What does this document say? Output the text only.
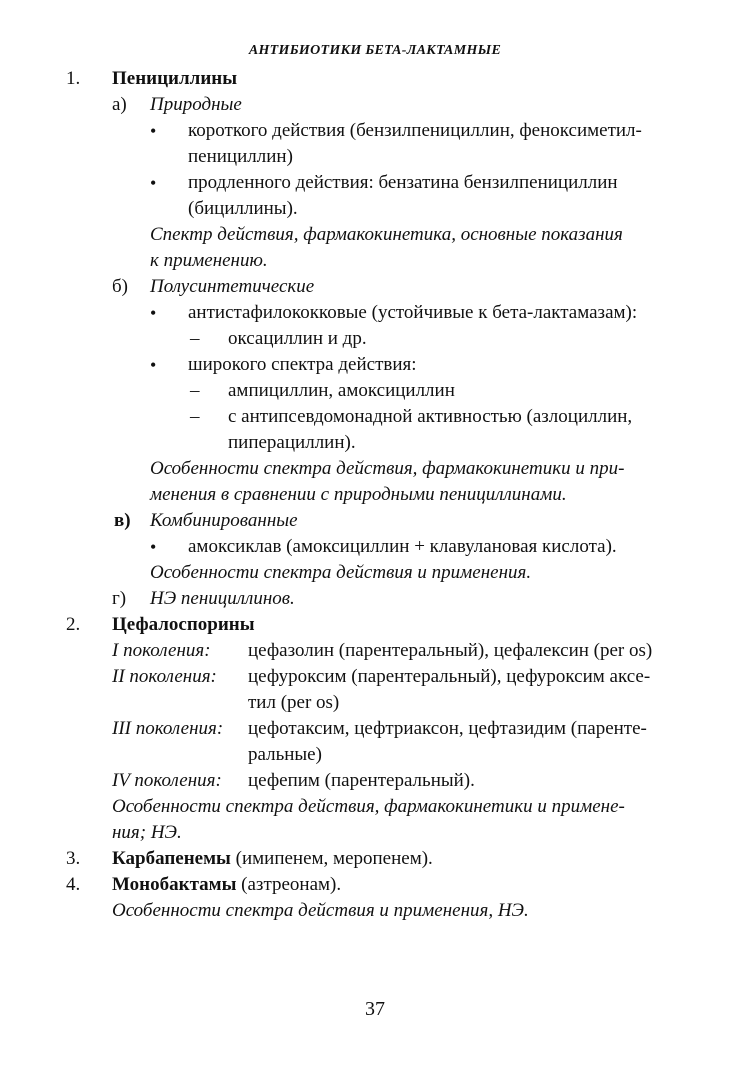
АНТИБИОТИКИ БЕТА-ЛАКТАМНЫЕ
1. Пенициллины
а) Природные
• короткого действия (бензилпенициллин, феноксиметил-
пенициллин)
• продленного действия: бензатина бензилпенициллин
(бициллины).
Спектр действия, фармакокинетика, основные показания
к применению.
б) Полусинтетические
• антистафилококковые (устойчивые к бета-лактамазам):
– оксациллин и др.
• широкого спектра действия:
– ампициллин, амоксициллин
– с антипсевдомонадной активностью (азлоциллин,
пиперациллин).
Особенности спектра действия, фармакокинетики и при-
менения в сравнении с природными пенициллинами.
в) Комбинированные
• амоксиклав (амоксициллин + клавулановая кислота).
Особенности спектра действия и применения.
г) НЭ пенициллинов.
2. Цефалоспорины
I поколения: цефазолин (парентеральный), цефалексин (per os)
II поколения: цефуроксим (парентеральный), цефуроксим аксе-
тил (per os)
III поколения: цефотаксим, цефтриаксон, цефтазидим (паренте-
ральные)
IV поколения: цефепим (парентеральный).
Особенности спектра действия, фармакокинетики и примене-
ния; НЭ.
3. Карбапенемы (имипенем, меропенем).
4. Монобактамы (азтреонам).
Особенности спектра действия и применения, НЭ.
37
